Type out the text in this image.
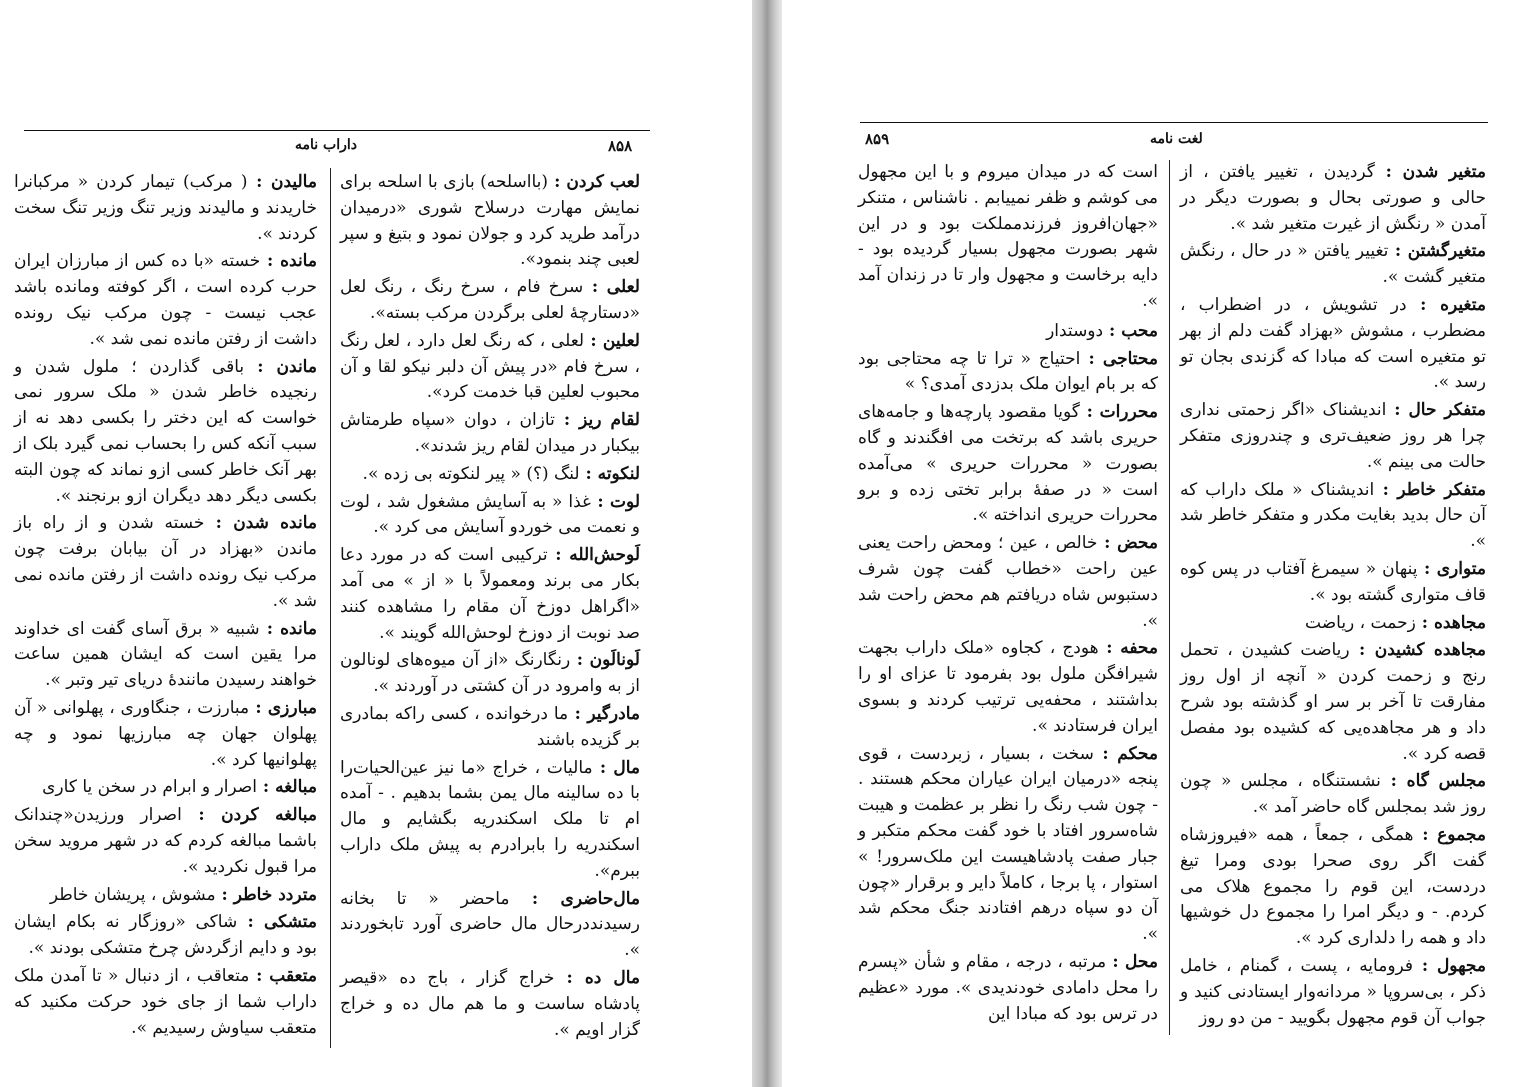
داراب نامه	۸۵۸

لعب کردن : (بااسلحه) بازی با اسلحه برای نمایش مهارت درسلاح شوری «درمیدان درآمد طرید کرد و جولان نمود و بتیغ و سپر لعبی چند بنمود».

لعلی : سرخ فام ، سرخ رنگ ، رنگ لعل «دستارچهٔ لعلی برگردن مرکب بسته».

لعلین : لعلی ، که رنگ لعل دارد ، لعل رنگ ، سرخ فام «در پیش آن دلبر نیکو لقا و آن محبوب لعلین قبا خدمت کرد».

لقام ریز : تازان ، دوان «سپاه طرمتاش بیکبار در میدان لقام ریز شدند».

لنکوته : لنگ (؟) « پیر لنکوته بی زده ».

لوت : غذا « به آسایش مشغول شد ، لوت و نعمت می خوردو آسایش می کرد ».

لَوحش‌الله : ترکیبی است که در مورد دعا بکار می برند ومعمولاً با « از » می آمد «اگراهل دوزخ آن مقام را مشاهده کنند صد نوبت از دوزخ لوحش‌الله گویند ».

لَونالَون : رنگارنگ «از آن میوه‌های لونالون از به وامرود در آن کشتی در آوردند ».

مادرگیر : ما درخوانده ، کسی راکه بمادری بر گزیده باشند

مال : مالیات ، خراج «ما نیز عین‌الحیات‌را با ده سالینه مال یمن بشما بدهیم . - آمده ام تا ملک اسکندریه بگشایم و مال اسکندریه را بابرادرم به پیش ملک داراب ببرم».

مال‌حاضری : ماحضر « تا بخانه رسیدنددرحال مال حاضری آورد تابخوردند ».

مال ده : خراج گزار ، باج ده «قیصر پادشاه ساست و ما هم مال ده و خراج گزار اویم ».

مالیدن : ( مرکب) تیمار کردن « مرکبانرا خاریدند و مالیدند وزیر تنگ وزیر تنگ سخت کردند ».

مانده : خسته «با ده کس از مبارزان ایران حرب کرده است ، اگر کوفته ومانده باشد عجب نیست - چون مرکب نیک رونده داشت از رفتن مانده نمی شد ».

ماندن : باقی گذاردن ؛ ملول شدن و رنجیده خاطر شدن « ملک سرور نمی خواست که این دختر را بکسی دهد نه از سبب آنکه کس را بحساب نمی گیرد بلک از بهر آنک خاطر کسی ازو نماند که چون البته بکسی دیگر دهد دیگران ازو برنجند ».

مانده شدن : خسته شدن و از راه باز ماندن «بهزاد در آن بیابان برفت چون مرکب نیک رونده داشت از رفتن مانده نمی شد ».

مانده : شبیه « برق آسای گفت ای خداوند مرا یقین است که ایشان همین ساعت خواهند رسیدن مانندهٔ دریای تیر وتبر ».

مبارزی : مبارزت ، جنگاوری ، پهلوانی « آن پهلوان جهان چه مبارزیها نمود و چه پهلوانیها کرد ».

مبالغه : اصرار و ابرام در سخن یا کاری

مبالغه کردن : اصرار ورزیدن«چندانک باشما مبالغه کردم که در شهر مروید سخن مرا قبول نکردید ».

متردد خاطر : مشوش ، پریشان خاطر

متشکی : شاکی «روزگار نه بکام ایشان بود و دایم ازگردش چرخ متشکی بودند ».

متعقب : متعاقب ، از دنبال « تا آمدن ملک داراب شما از جای خود حرکت مکنید که متعقب سیاوش رسیدیم ».

لغت نامه
۸۵۹

متغیر شدن : گردیدن ، تغییر یافتن ، از حالی و صورتی بحال و بصورت دیگر در آمدن « رنگش از غیرت متغیر شد ».

متغیرگشتن : تغییر یافتن « در حال ، رنگش متغیر گشت ».

متغیره : در تشویش ، در اضطراب ، مضطرب ، مشوش «بهزاد گفت دلم از بهر تو متغیره است که مبادا که گزندی بجان تو رسد ».

متفکر حال : اندیشناک «اگر زحمتی نداری چرا هر روز ضعیف‌تری و چندروزی متفکر حالت می بینم ».

متفکر خاطر : اندیشناک « ملک داراب که آن حال بدید بغایت مکدر و متفکر خاطر شد ».

متواری : پنهان « سیمرغ آفتاب در پس کوه قاف متواری گشته بود ».

مجاهده : زحمت ، ریاضت

مجاهده کشیدن : ریاضت کشیدن ، تحمل رنج و زحمت کردن « آنچه از اول روز مفارقت تا آخر بر سر او گذشته بود شرح داد و هر مجاهده‌یی که کشیده بود مفصل قصه کرد ».

مجلس گاه : نشستنگاه ، مجلس « چون روز شد بمجلس گاه حاضر آمد ».

مجموع : همگی ، جمعاً ، همه «فیروزشاه گفت اگر روی صحرا بودی ومرا تیغ دردست، این قوم را مجموع هلاک می کردم. - و دیگر امرا را مجموع دل خوشیها داد و همه را دلداری کرد ».

مجهول : فرومایه ، پست ، گمنام ، خامل ذکر ، بی‌سروپا « مردانه‌وار ایستادنی کنید و جواب آن قوم مجهول بگویید - من دو روز

است که در میدان میروم و با این مجهول می کوشم و ظفر نمییابم . ناشناس ، متنکر «جهان‌افروز فرزندمملکت بود و در این شهر بصورت مجهول بسیار گردیده بود - دایه برخاست و مجهول وار تا در زندان آمد ».

محب : دوستدار

محتاجی : احتیاج « ترا تا چه محتاجی بود که بر بام ایوان ملک بدزدی آمدی؟ »

محررات : گویا مقصود پارچه‌ها و جامه‌های حریری باشد که برتخت می افگندند و گاه بصورت « محررات حریری » می‌آمده است « در صفهٔ برابر تختی زده و برو محررات حریری انداخته ».

محض : خالص ، عین ؛ ومحض راحت یعنی عین راحت «خطاب گفت چون شرف دستبوس شاه دریافتم هم محض راحت شد ».

محفه : هودج ، کجاوه «ملک داراب بجهت شیرافگن ملول بود بفرمود تا عزای او را بداشتند ، محفه‌یی ترتیب کردند و بسوی ایران فرستادند ».

محکم : سخت ، بسیار ، زبردست ، قوی پنجه «درمیان ایران عیاران محکم هستند . - چون شب رنگ را نظر بر عظمت و هیبت شاه‌سرور افتاد با خود گفت محکم متکبر و جبار صفت پادشاهیست این ملک‌سرور! » استوار ، پا برجا ، کاملاً دایر و برقرار «چون آن دو سپاه درهم افتادند جنگ محکم شد ».

محل : مرتبه ، درجه ، مقام و شأن «پسرم را محل دامادی خودندیدی ». مورد «عظیم در ترس بود که مبادا این
